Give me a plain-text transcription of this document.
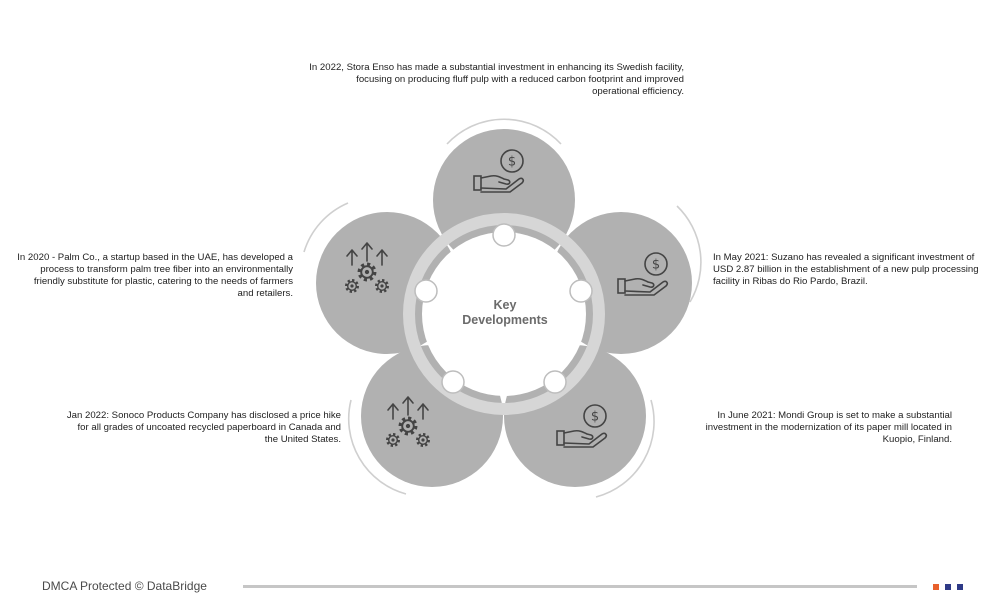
Key
Developments
In 2022, Stora Enso has made a substantial investment in enhancing its Swedish facility,
focusing on producing fluff pulp with a reduced carbon footprint and improved
operational efficiency.
In May 2021: Suzano has revealed a significant investment of
USD 2.87 billion in the establishment of a new pulp processing
facility in Ribas do Rio Pardo, Brazil.
In 2020 - Palm Co., a startup based in the UAE, has developed a
process to transform palm tree fiber into an environmentally
friendly substitute for plastic, catering to the needs of farmers
and retailers.
Jan 2022: Sonoco Products Company has disclosed a price hike
for all grades of uncoated recycled paperboard in Canada and
the United States.
In June 2021: Mondi Group is set to make a substantial
investment in the modernization of its paper mill located in
Kuopio, Finland.
DMCA Protected © DataBridge
